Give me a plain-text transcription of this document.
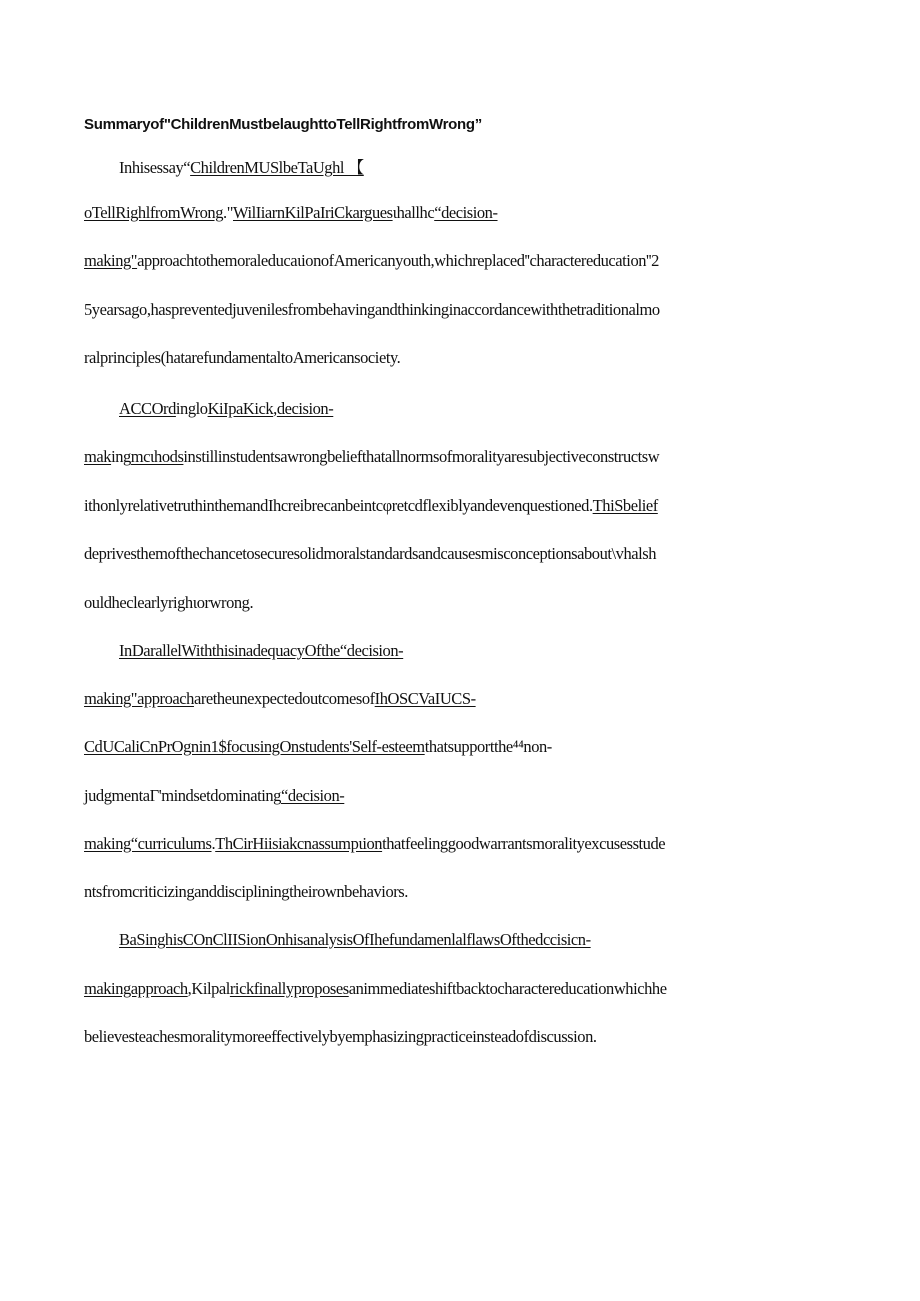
Summaryof"ChildrenMustbelaughttoTellRightfromWrong”
Inhisessay“ChildrenMUSlbeTaUghl 【
oTellRighlfromWrong."WilIiarnKilPaIriCkarguesιhallhc“decision-
making"approachtothemoraleducaιionofAmericanyouth,whichreplaced''charactereducation''2
5yearsago,haspreventedjuvenilesfrombehavingandthinkinginaccordancewiththetraditionalmo
ralprinciples(hatarefundamentaltoAmericansociety.
ACCOrdingloKiIpaKick,decision-
makingmcιhodsinstillinstudentsawrongbeliefthatallnormsofmoralityaresubjectiveconstructsw
ithonlyrelativetruthinthemandIhcreibrecanbeintcφretcdflexiblyandevenquestioned.ThiSbelief
deprivesthemofthechancetosecuresolidmoralstandardsandcausesmisconceptionsabout\vhalsh
ouldheclearlyrighιorwrong.
InDarallelWiththisinadequacyOfthe“decision-
making"approacharetheunexpectedoutcomesofIhOSCVaIUCS-
CdUCaliCnPrOgnin1$focusingOnstudents'Self-esteemthatsupportthe⁴⁴non-
judgmentaΓ'mindsetdominating“decision-
making“curriculums.ThCirHiisiakcnassumpιionthatfeelinggoodwarrantsmoralityexcusesstude
ntsfromcriticizinganddiscipliningtheirownbehaviors.
BaSinghisCOnClIISionOnhisanalysisOfIhefundamenlalflawsOfthedccisicn-
makingapproach,Kilpalrickfinallyproposesanimmediateshiftbacktocharactereducationwhichhe
believesteachesmoralitymoreeffectivelybyemphasizingpracticeinsteadofdiscussion.
